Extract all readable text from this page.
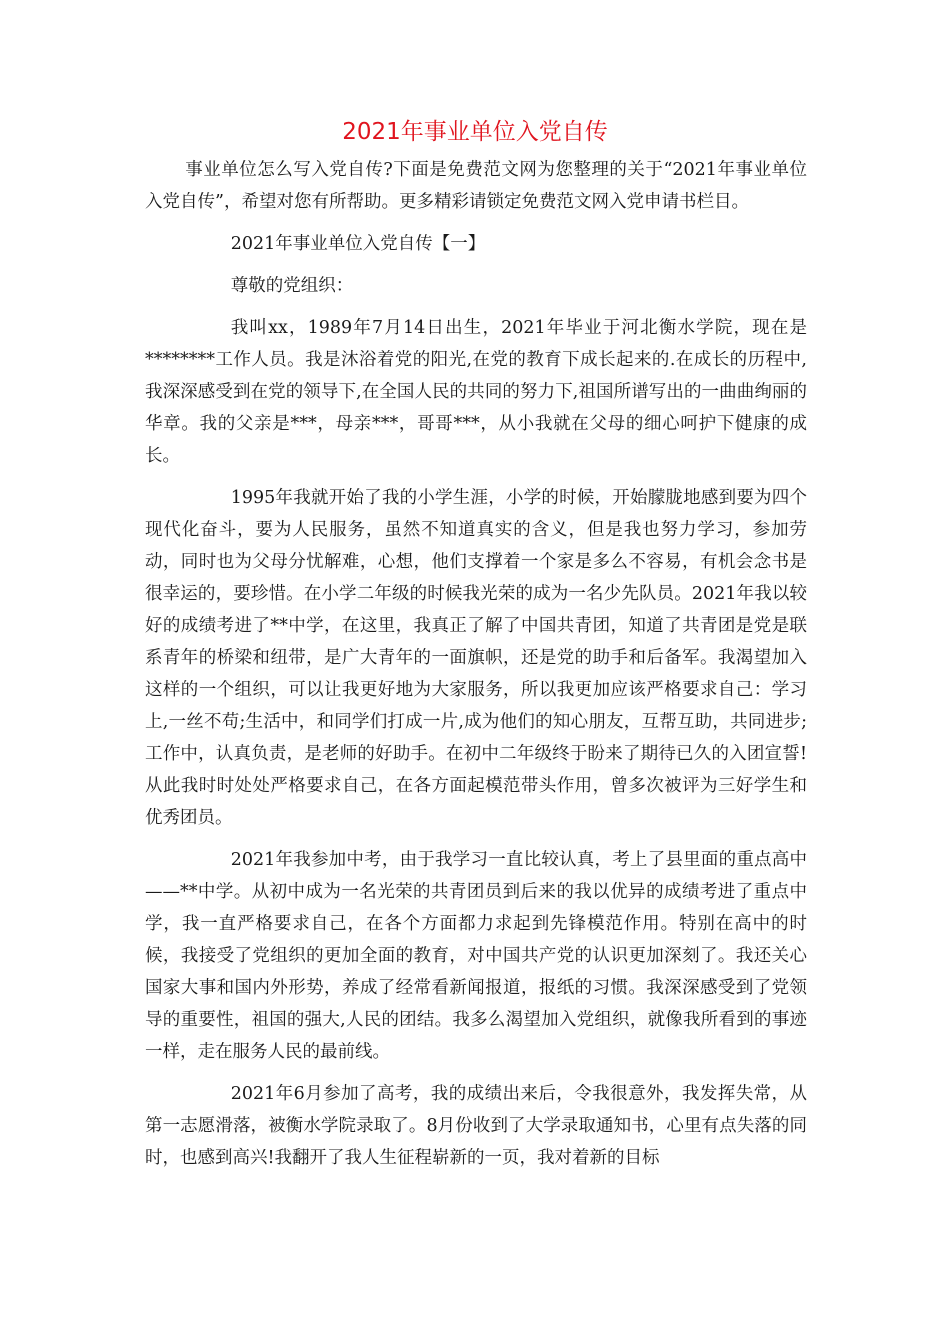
2021年事业单位入党自传

事业单位怎么写入党自传?下面是免费范文网为您整理的关于“2021年事业单位入党自传”，希望对您有所帮助。更多精彩请锁定免费范文网入党申请书栏目。

2021年事业单位入党自传【一】

尊敬的党组织：

我叫xx，1989年7月14日出生，2021年毕业于河北衡水学院，现在是********工作人员。我是沐浴着党的阳光,在党的教育下成长起来的.在成长的历程中,我深深感受到在党的领导下,在全国人民的共同的努力下,祖国所谱写出的一曲曲绚丽的华章。我的父亲是***，母亲***，哥哥***，从小我就在父母的细心呵护下健康的成长。

1995年我就开始了我的小学生涯，小学的时候，开始朦胧地感到要为四个现代化奋斗，要为人民服务，虽然不知道真实的含义，但是我也努力学习，参加劳动，同时也为父母分忧解难，心想，他们支撑着一个家是多么不容易，有机会念书是很幸运的，要珍惜。在小学二年级的时候我光荣的成为一名少先队员。2021年我以较好的成绩考进了**中学，在这里，我真正了解了中国共青团，知道了共青团是党是联系青年的桥梁和纽带，是广大青年的一面旗帜，还是党的助手和后备军。我渴望加入这样的一个组织，可以让我更好地为大家服务，所以我更加应该严格要求自己：学习上,一丝不苟;生活中，和同学们打成一片,成为他们的知心朋友，互帮互助，共同进步;工作中，认真负责，是老师的好助手。在初中二年级终于盼来了期待已久的入团宣誓!从此我时时处处严格要求自己，在各方面起模范带头作用，曾多次被评为三好学生和优秀团员。

2021年我参加中考，由于我学习一直比较认真，考上了县里面的重点高中——**中学。从初中成为一名光荣的共青团员到后来的我以优异的成绩考进了重点中学，我一直严格要求自己，在各个方面都力求起到先锋模范作用。特别在高中的时候，我接受了党组织的更加全面的教育，对中国共产党的认识更加深刻了。我还关心国家大事和国内外形势，养成了经常看新闻报道，报纸的习惯。我深深感受到了党领导的重要性，祖国的强大,人民的团结。我多么渴望加入党组织，就像我所看到的事迹一样，走在服务人民的最前线。

2021年6月参加了高考，我的成绩出来后，令我很意外，我发挥失常，从第一志愿滑落，被衡水学院录取了。8月份收到了大学录取通知书，心里有点失落的同时，也感到高兴!我翻开了我人生征程崭新的一页，我对着新的目标
